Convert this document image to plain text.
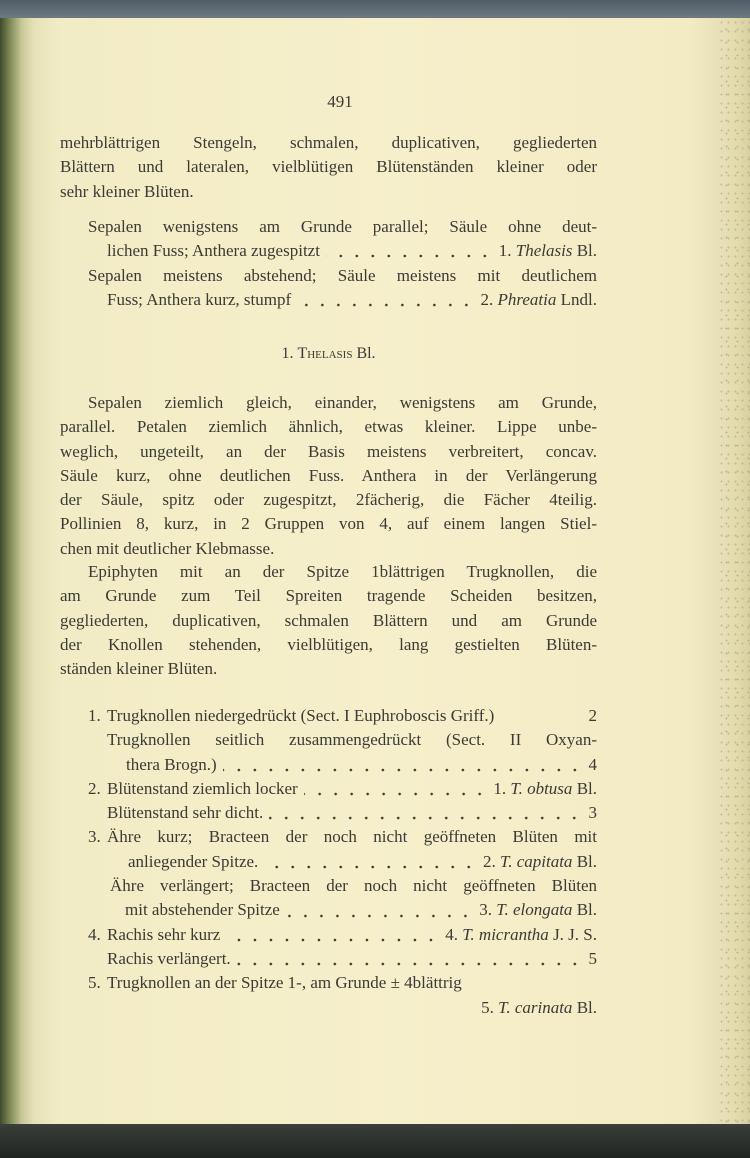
491
mehrblättrigen Stengeln, schmalen, duplicativen, gegliederten
Blättern und lateralen, vielblütigen Blütenständen kleiner oder
sehr kleiner Blüten.
Sepalen wenigstens am Grunde parallel; Säule ohne deut-
lichen Fuss; Anthera zugespitzt	1. Thelasis Bl.
Sepalen meistens abstehend; Säule meistens mit deutlichem
Fuss; Anthera kurz, stumpf	2. Phreatia Lndl.
1. Thelasis Bl.
Sepalen ziemlich gleich, einander, wenigstens am Grunde,
parallel. Petalen ziemlich ähnlich, etwas kleiner. Lippe unbe-
weglich, ungeteilt, an der Basis meistens verbreitert, concav.
Säule kurz, ohne deutlichen Fuss. Anthera in der Verlängerung
der Säule, spitz oder zugespitzt, 2fächerig, die Fächer 4teilig.
Pollinien 8, kurz, in 2 Gruppen von 4, auf einem langen Stiel-
chen mit deutlicher Klebmasse.
Epiphyten mit an der Spitze 1blättrigen Trugknollen, die
am Grunde zum Teil Spreiten tragende Scheiden besitzen,
gegliederten, duplicativen, schmalen Blättern und am Grunde
der Knollen stehenden, vielblütigen, lang gestielten Blüten-
ständen kleiner Blüten.
1. Trugknollen niedergedrückt (Sect. I Euphroboscis Griff.)	2
Trugknollen seitlich zusammengedrückt (Sect. II Oxyan-
thera Brogn.)	4
2. Blütenstand ziemlich locker	1. T. obtusa Bl.
Blütenstand sehr dicht.	3
3. Ähre kurz; Bracteen der noch nicht geöffneten Blüten mit
anliegender Spitze.	2. T. capitata Bl.
Ähre verlängert; Bracteen der noch nicht geöffneten Blüten
mit abstehender Spitze	3. T. elongata Bl.
4. Rachis sehr kurz	4. T. micrantha J. J. S.
Rachis verlängert.	5
5. Trugknollen an der Spitze 1-, am Grunde ± 4blättrig
5. T. carinata Bl.
